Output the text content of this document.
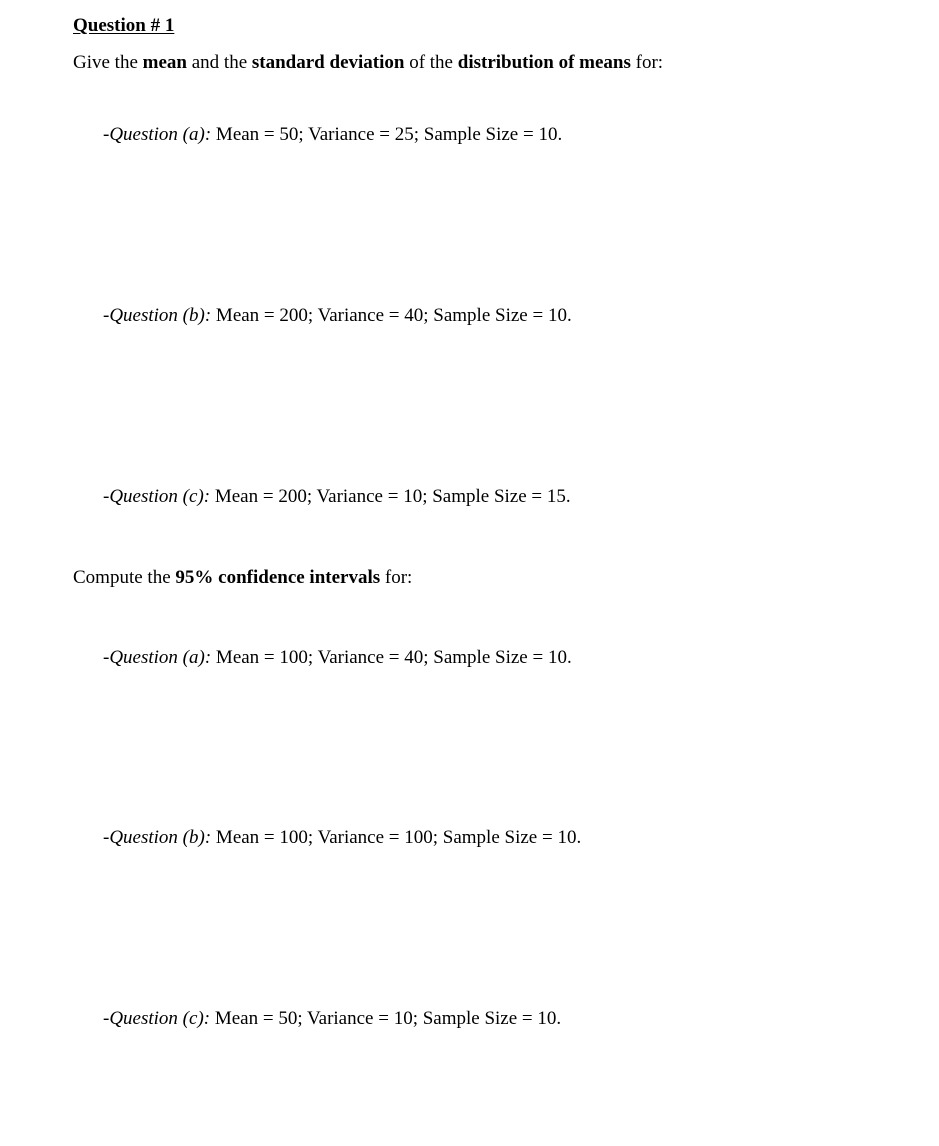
Question # 1
Give the mean and the standard deviation of the distribution of means for:
-Question (a): Mean = 50; Variance = 25; Sample Size = 10.
-Question (b): Mean = 200; Variance = 40; Sample Size = 10.
-Question (c): Mean = 200; Variance = 10; Sample Size = 15.
Compute the 95% confidence intervals for:
-Question (a): Mean = 100; Variance = 40; Sample Size = 10.
-Question (b): Mean = 100; Variance = 100; Sample Size = 10.
-Question (c): Mean = 50; Variance = 10; Sample Size = 10.
